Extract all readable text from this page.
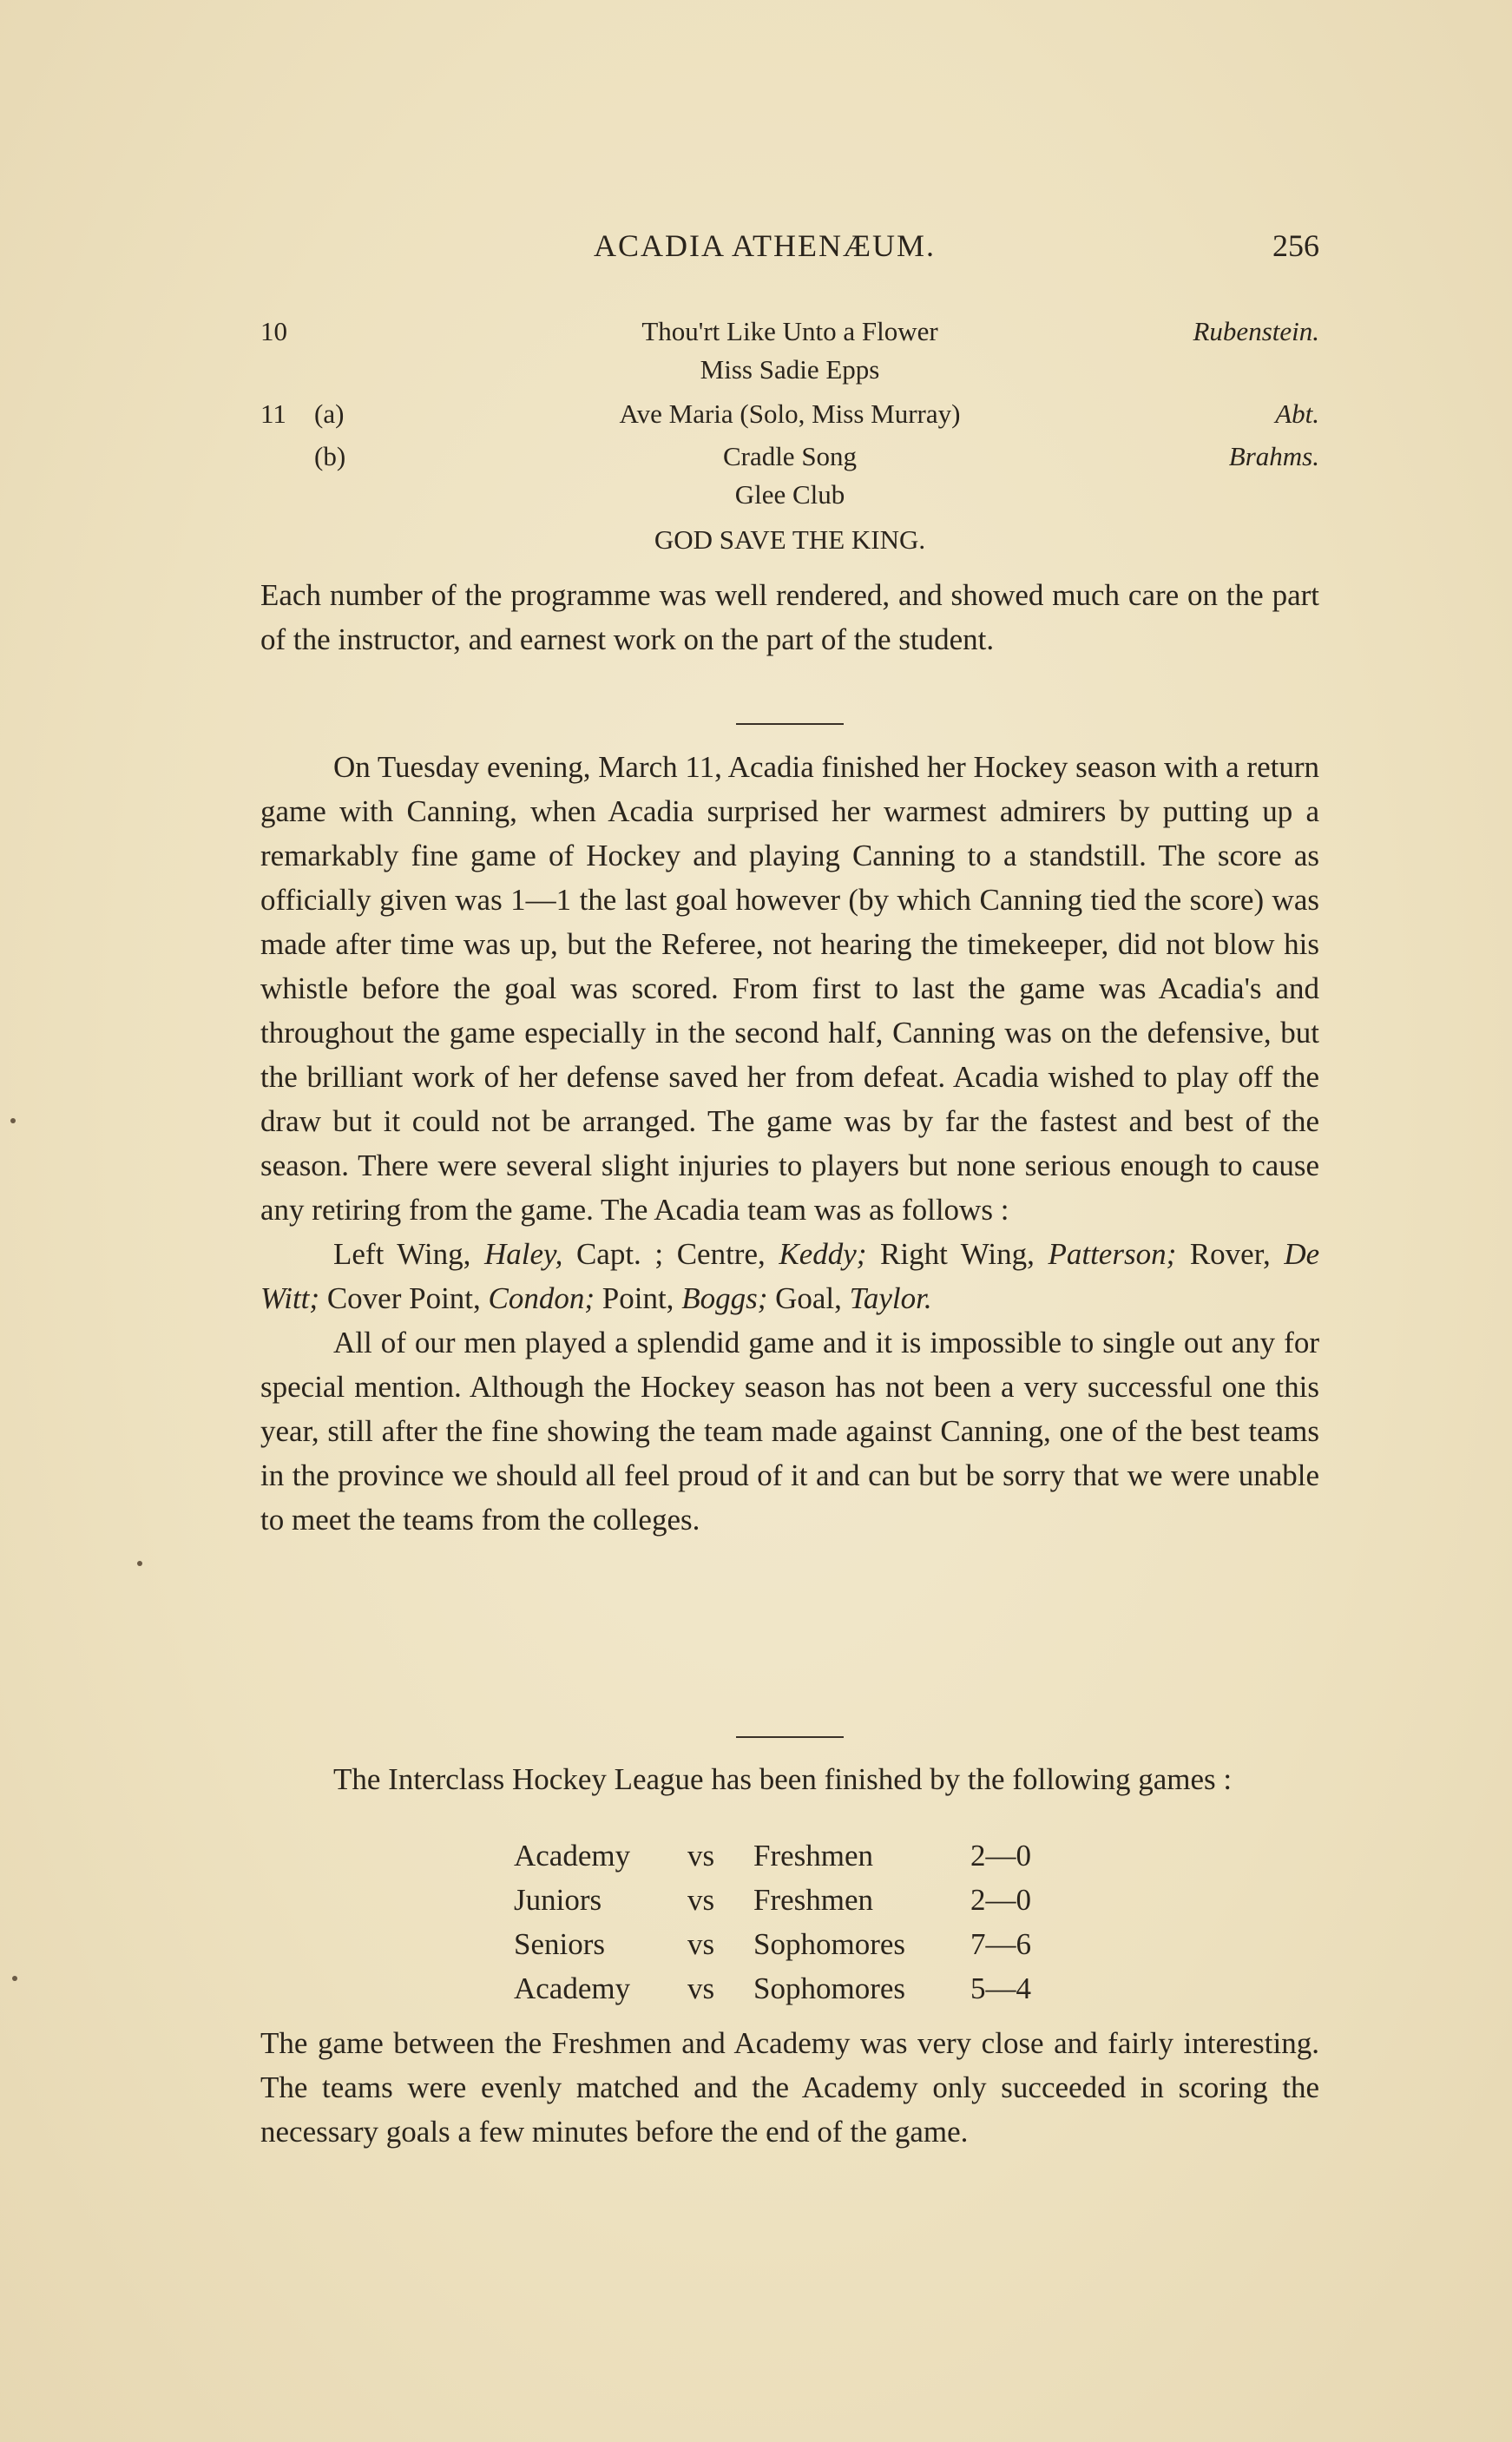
ACADIA ATHENÆUM.	256
10	Thou'rt Like Unto a Flower	Rubenstein.
Miss Sadie Epps
11 (a)	Ave Maria (Solo, Miss Murray)	Abt.
(b)	Cradle Song	Brahms.
Glee Club
GOD SAVE THE KING.

Each number of the programme was well rendered, and showed much care on the part of the instructor, and earnest work on the part of the student.

On Tuesday evening, March 11, Acadia finished her Hockey season with a return game with Canning, when Acadia surprised her warmest admirers by putting up a remarkably fine game of Hockey and playing Canning to a standstill. The score as officially given was 1—1 the last goal however (by which Canning tied the score) was made after time was up, but the Referee, not hearing the timekeeper, did not blow his whistle before the goal was scored. From first to last the game was Acadia's and throughout the game especially in the second half, Canning was on the defensive, but the brilliant work of her defense saved her from defeat. Acadia wished to play off the draw but it could not be arranged. The game was by far the fastest and best of the season. There were several slight injuries to players but none serious enough to cause any retiring from the game. The Acadia team was as follows :

Left Wing, Haley, Capt. ; Centre, Keddy; Right Wing, Patterson; Rover, De Witt; Cover Point, Condon; Point, Boggs; Goal, Taylor.

All of our men played a splendid game and it is impossible to single out any for special mention. Although the Hockey season has not been a very successful one this year, still after the fine showing the team made against Canning, one of the best teams in the province we should all feel proud of it and can but be sorry that we were unable to meet the teams from the colleges.

The Interclass Hockey League has been finished by the following games :

Academy	vs	Freshmen	2—0
Juniors	vs	Freshmen	2—0
Seniors	vs	Sophomores	7—6
Academy	vs	Sophomores	5—4

The game between the Freshmen and Academy was very close and fairly interesting. The teams were evenly matched and the Academy only succeeded in scoring the necessary goals a few minutes before the end of the game.
